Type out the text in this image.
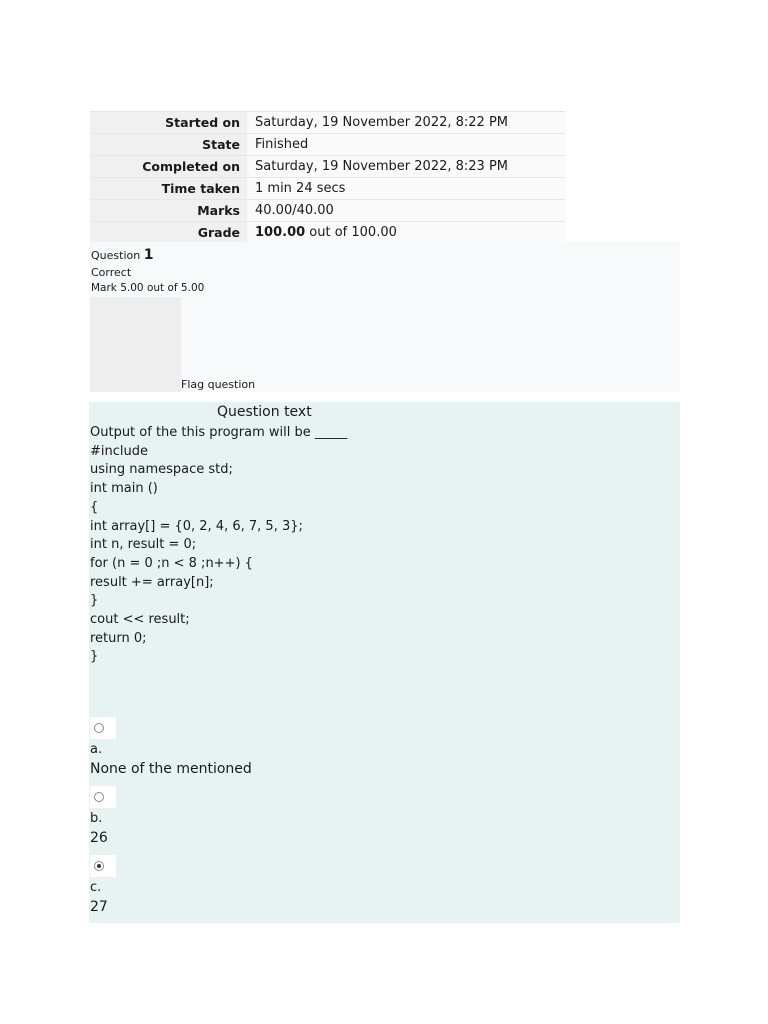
Started on	Saturday, 19 November 2022, 8:22 PM
State	Finished
Completed on	Saturday, 19 November 2022, 8:23 PM
Time taken	1 min 24 secs
Marks	40.00/40.00
Grade	100.00 out of 100.00
Question 1
Correct
Mark 5.00 out of 5.00
Flag question
Question text
Output of the this program will be _____
#include
using namespace std;
int main ()
{
int array[] = {0, 2, 4, 6, 7, 5, 3};
int n, result = 0;
for (n = 0 ;n < 8 ;n++) {
result += array[n];
}
cout << result;
return 0;
}
a.
None of the mentioned
b.
26
c.
27
